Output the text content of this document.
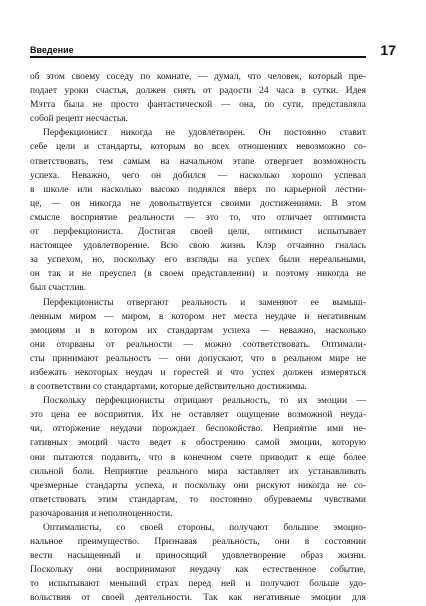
Введение	17

об этом своему соседу по комнате, — думал, что человек, который пре-
подает уроки счастья, должен сиять от радости 24 часа в сутки. Идея
Мэтта была не просто фантастической — она, по сути, представляла
собой рецепт несчастья.

Перфекционист никогда не удовлетворен. Он постоянно ставит
себе цели и стандарты, которым во всех отношениях невозможно со-
ответствовать, тем самым на начальном этапе отвергает возможность
успеха. Неважно, чего он добился — насколько хорошо успевал
в школе или насколько высоко поднялся вверх по карьерной лестни-
це, — он никогда не довольствуется своими достижениями. В этом
смысле восприятие реальности — это то, что отличает оптимиста
от перфекциониста. Достигая своей цели, оптимист испытывает
настоящее удовлетворение. Всю свою жизнь Клэр отчаянно гналась
за успехом, но, поскольку его взгляды на успех были нереальными,
он так и не преуспел (в своем представлении) и поэтому никогда не
был счастлив.

Перфекционисты отвергают реальность и заменяют ее вымыш-
ленным миром — миром, в котором нет места неудаче и негативным
эмоциям и в котором их стандартам успеха — неважно, насколько
они оторваны от реальности — можно соответствовать. Оптимали-
сты принимают реальность — они допускают, что в реальном мире не
избежать некоторых неудач и горестей и что успех должен измеряться
в соответствии со стандартами, которые действительно достижимы.

Поскольку перфекционисты отрицают реальность, то их эмоции —
это цена ее восприятия. Их не оставляет ощущение возможной неуда-
чи, отторжение неудачи порождает беспокойство. Неприятие ими не-
гативных эмоций часто ведет к обострению самой эмоции, которую
они пытаются подавить, что в конечном счете приводит к еще более
сильной боли. Неприятие реального мира заставляет их устанавливать
чрезмерные стандарты успеха, и поскольку они рискуют никогда не со-
ответствовать этим стандартам, то постоянно обуреваемы чувствами
разочарования и неполноценности.

Оптималисты, со своей стороны, получают большое эмоцио-
нальное преимущество. Признавая реальность, они в состоянии
вести насыщенный и приносящий удовлетворение образ жизни.
Поскольку они воспринимают неудачу как естественное событие,
то испытывают меньший страх перед ней и получают больше удо-
вольствия от своей деятельности. Так как негативные эмоции для
